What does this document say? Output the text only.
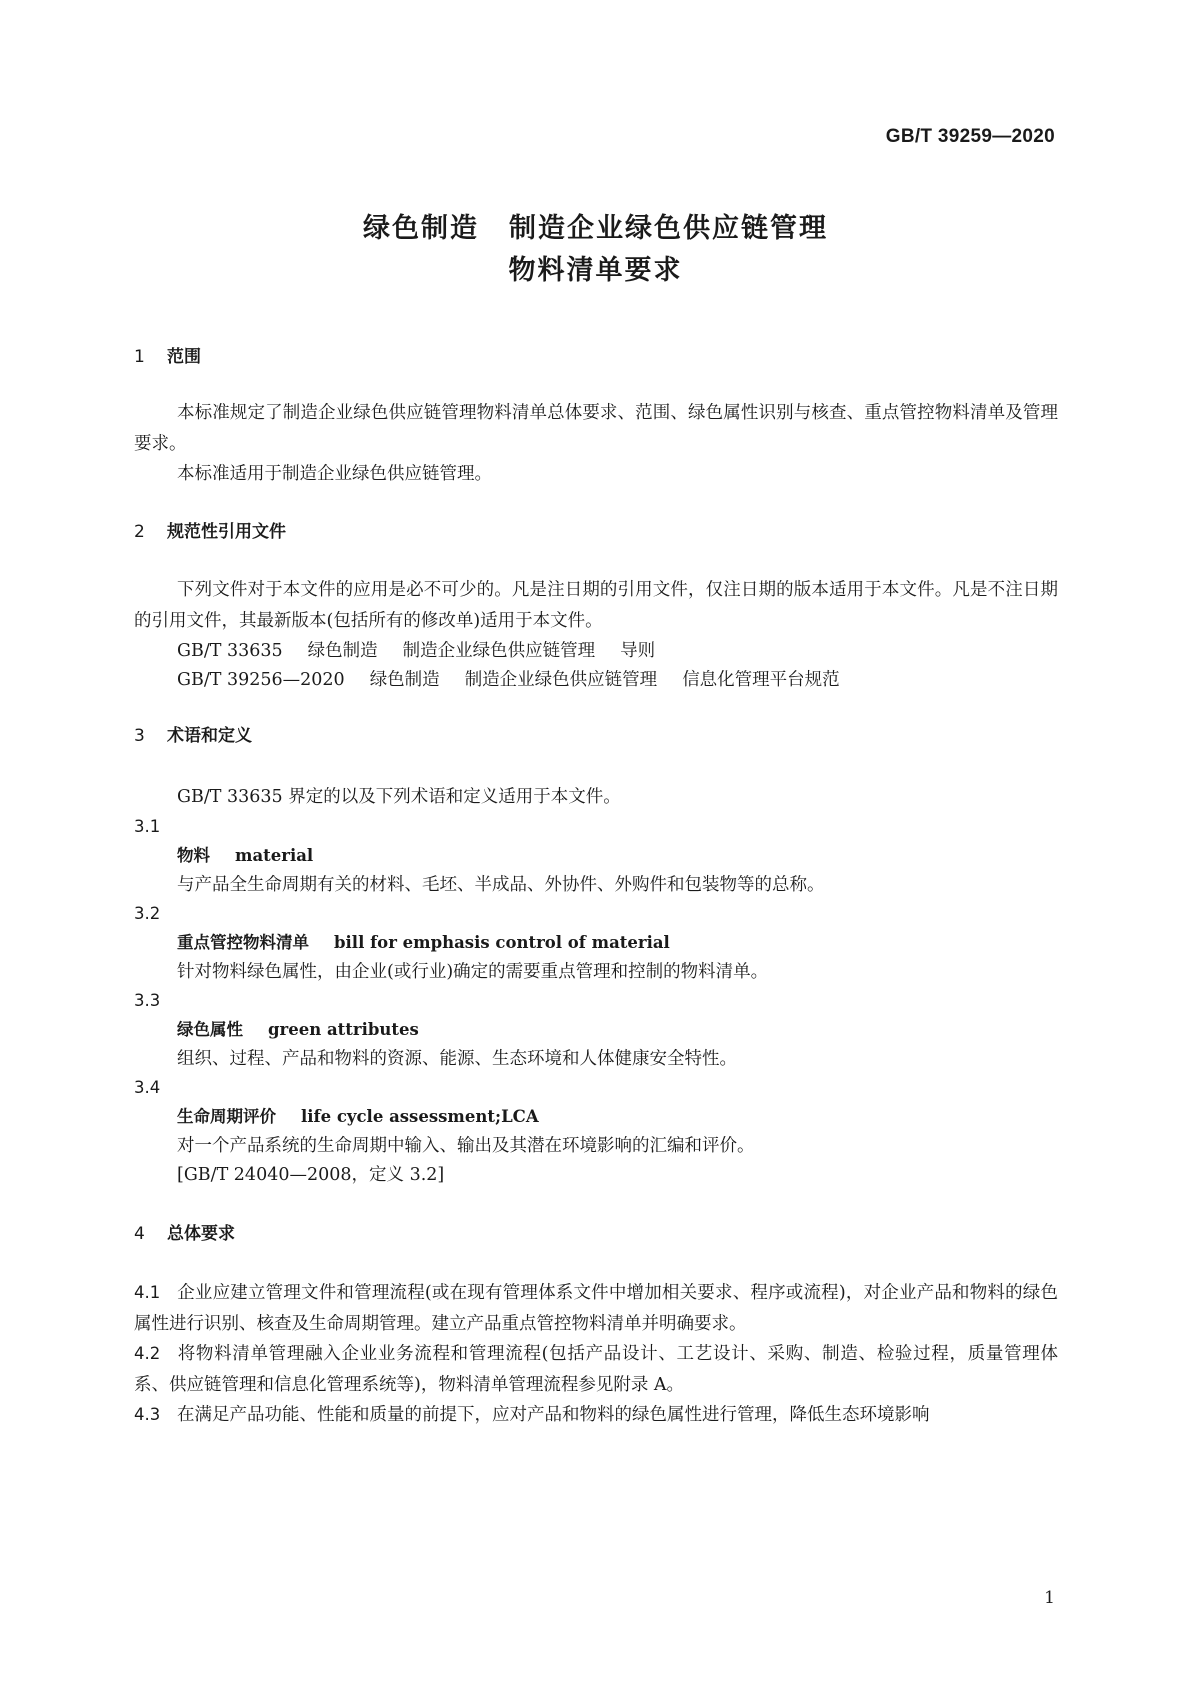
GB/T 39259—2020
绿色制造 制造企业绿色供应链管理
物料清单要求
1 范围
本标准规定了制造企业绿色供应链管理物料清单总体要求、范围、绿色属性识别与核查、重点管控物料清单及管理要求。
本标准适用于制造企业绿色供应链管理。
2 规范性引用文件
下列文件对于本文件的应用是必不可少的。凡是注日期的引用文件，仅注日期的版本适用于本文件。凡是不注日期的引用文件，其最新版本(包括所有的修改单)适用于本文件。
GB/T 33635 绿色制造 制造企业绿色供应链管理 导则
GB/T 39256—2020 绿色制造 制造企业绿色供应链管理 信息化管理平台规范
3 术语和定义
GB/T 33635 界定的以及下列术语和定义适用于本文件。
3.1
物料 material
与产品全生命周期有关的材料、毛坯、半成品、外协件、外购件和包装物等的总称。
3.2
重点管控物料清单 bill for emphasis control of material
针对物料绿色属性，由企业(或行业)确定的需要重点管理和控制的物料清单。
3.3
绿色属性 green attributes
组织、过程、产品和物料的资源、能源、生态环境和人体健康安全特性。
3.4
生命周期评价 life cycle assessment;LCA
对一个产品系统的生命周期中输入、输出及其潜在环境影响的汇编和评价。
[GB/T 24040—2008，定义 3.2]
4 总体要求
4.1 企业应建立管理文件和管理流程(或在现有管理体系文件中增加相关要求、程序或流程)，对企业产品和物料的绿色属性进行识别、核查及生命周期管理。建立产品重点管控物料清单并明确要求。
4.2 将物料清单管理融入企业业务流程和管理流程(包括产品设计、工艺设计、采购、制造、检验过程，质量管理体系、供应链管理和信息化管理系统等)，物料清单管理流程参见附录 A。
4.3 在满足产品功能、性能和质量的前提下，应对产品和物料的绿色属性进行管理，降低生态环境影响
1
